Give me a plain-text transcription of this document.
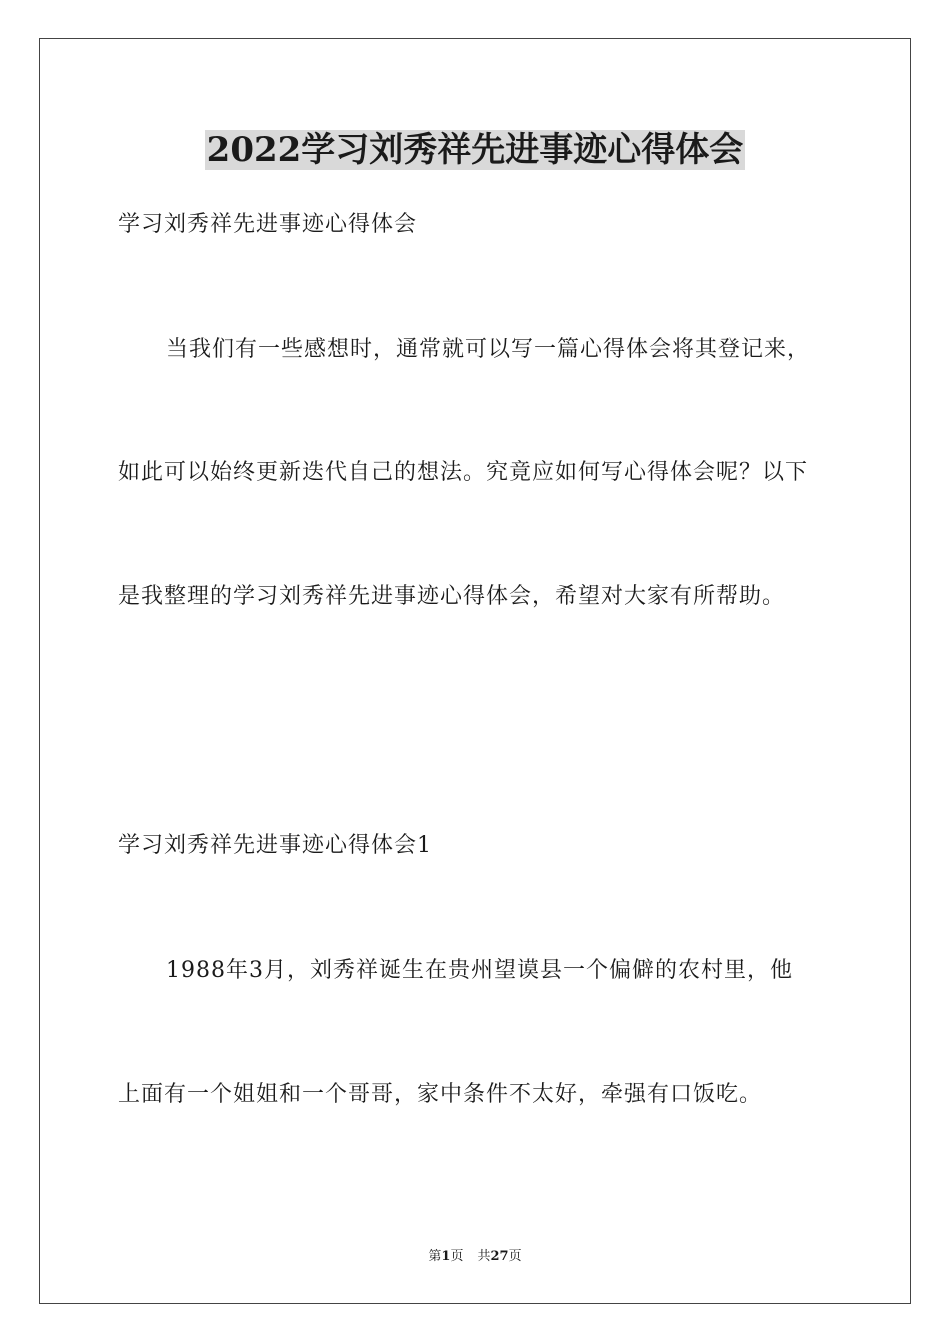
2022学习刘秀祥先进事迹心得体会
学习刘秀祥先进事迹心得体会
当我们有一些感想时，通常就可以写一篇心得体会将其登记来，
如此可以始终更新迭代自己的想法。究竟应如何写心得体会呢？以下
是我整理的学习刘秀祥先进事迹心得体会，希望对大家有所帮助。
学习刘秀祥先进事迹心得体会1
1988年3月，刘秀祥诞生在贵州望谟县一个偏僻的农村里，他
上面有一个姐姐和一个哥哥，家中条件不太好，牵强有口饭吃。
第1页 共27页
